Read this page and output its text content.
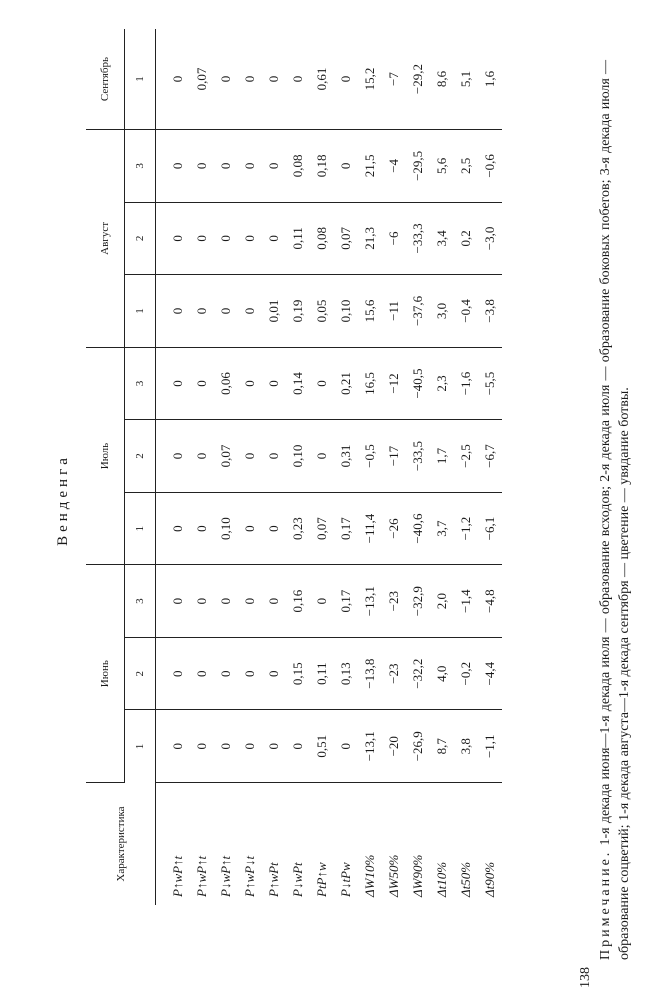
138
Венденга
Характеристика	Июнь			Июль			Август			Сентябрь
	1	2	3	1	2	3	1	2	3	1
P↑wP↑t	0	0	0	0	0	0	0	0	0	0
P↑wP↑t	0	0	0	0	0	0	0	0	0	0,07
P↓wP↑t	0	0	0	0,10	0,07	0,06	0	0	0	0
P↑wP↓t	0	0	0	0	0	0	0	0	0	0
P↑wPt	0	0	0	0	0	0	0,01	0	0	0
P↓wPt	0	0,15	0,16	0,23	0,10	0,14	0,19	0,11	0,08	0
PtP↑w	0,51	0,11	0	0,07	0	0	0,05	0,08	0,18	0,61
P↓tPw	0	0,13	0,17	0,17	0,31	0,21	0,10	0,07	0	0
ΔW10%	−13,1	−13,8	−13,1	−11,4	−0,5	16,5	15,6	21,3	21,5	15,2
ΔW50%	−20	−23	−23	−26	−17	−12	−11	−6	−4	−7
ΔW90%	−26,9	−32,2	−32,9	−40,6	−33,5	−40,5	−37,6	−33,3	−29,5	−29,2
Δt10%	8,7	4,0	2,0	3,7	1,7	2,3	3,0	3,4	5,6	8,6
Δt50%	3,8	−0,2	−1,4	−1,2	−2,5	−1,6	−0,4	0,2	2,5	5,1
Δt90%	−1,1	−4,4	−4,8	−6,1	−6,7	−5,5	−3,8	−3,0	−0,6	1,6
Примечание. 1-я декада июня—1-я декада июля — образование всходов; 2-я декада июля — образование боковых побегов; 3-я декада июля — образование соцветий; 1-я декада августа—1-я декада сентября — цветение — увядание ботвы.
